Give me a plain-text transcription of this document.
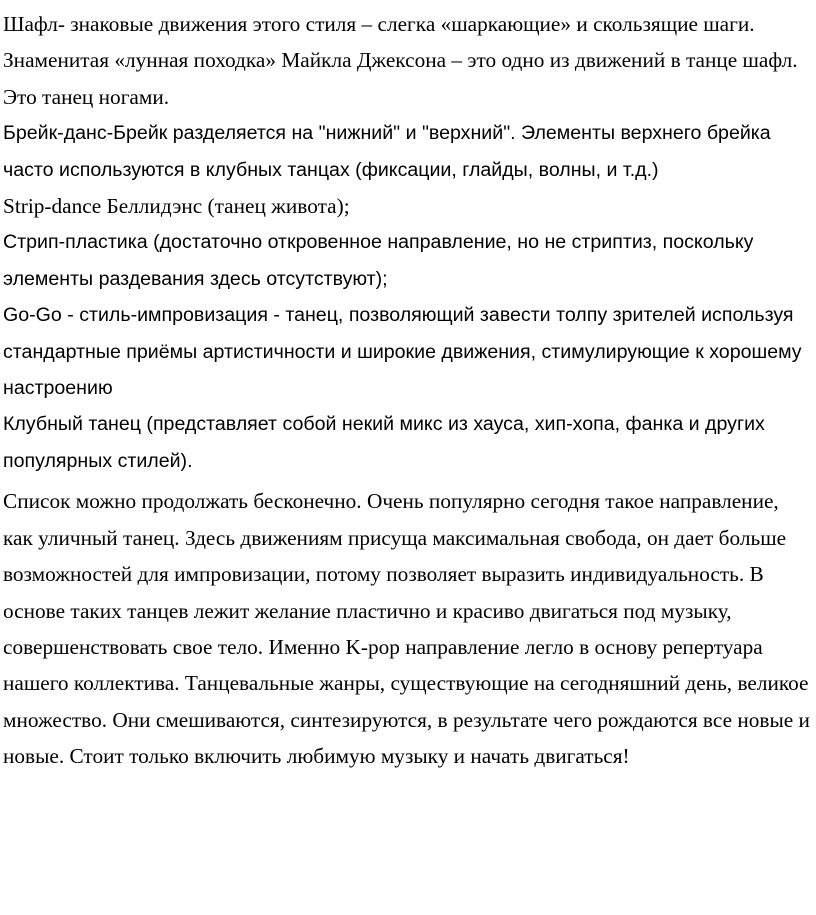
Шафл- знаковые движения этого стиля – слегка «шаркающие» и скользящие шаги. Знаменитая «лунная походка» Майкла Джексона – это одно из движений в танце шафл. Это танец ногами.

Брейк-данс-Брейк разделяется на "нижний" и "верхний". Элементы верхнего брейка часто используются в клубных танцах (фиксации, глайды, волны, и т.д.)

Strip-dance Беллидэнс (танец живота);

Стрип-пластика (достаточно откровенное направление, но не стриптиз, поскольку элементы раздевания здесь отсутствуют);

Go-Go - стиль-импровизация - танец, позволяющий завести толпу зрителей используя стандартные приёмы артистичности и широкие движения, стимулирующие к хорошему настроению

Клубный танец (представляет собой некий микс из хауса, хип-хопа, фанка и других популярных стилей).

Список можно продолжать бесконечно. Очень популярно сегодня такое направление, как уличный танец. Здесь движениям присуща максимальная свобода, он дает больше возможностей для импровизации, потому позволяет выразить индивидуальность. В основе таких танцев лежит желание пластично и красиво двигаться под музыку, совершенствовать свое тело. Именно K-pop направление легло в основу репертуара нашего коллектива. Танцевальные жанры, существующие на сегодняшний день, великое множество. Они смешиваются, синтезируются, в результате чего рождаются все новые и новые. Стоит только включить любимую музыку и начать двигаться!
